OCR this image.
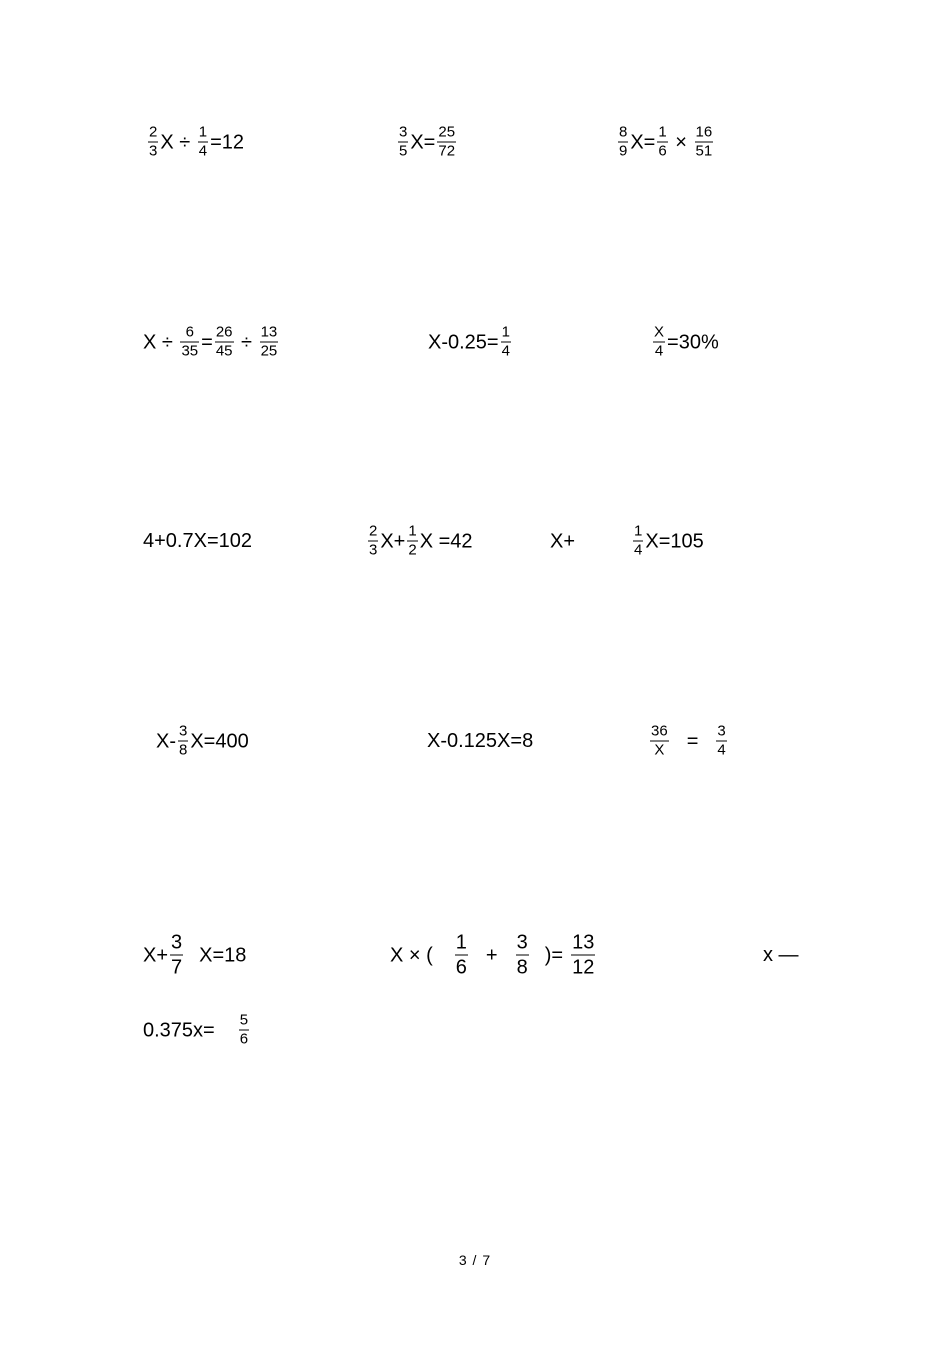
$\frac{2}{3}$ $X \div \frac{1}{4} =12$	$\frac{3}{5} X= \frac{25}{72}$	$\frac{8}{9} X= \frac{1}{6} \times \frac{16}{51}$
$X \div \frac{6}{35} = \frac{26}{45} \div \frac{13}{25}$	$X-0.25= \frac{1}{4}$	$\frac{X}{4} =30\%$
4+0.7X=102	$\frac{2}{3} X+ \frac{1}{2}$ X =42	X+	$\frac{1}{4} X=105$
$X- \frac{3}{8} X=400$	X-0.125X=8	$\frac{36}{X} = \frac{3}{4}$
$X+ \frac{3}{7} X=18$	X × ( $\frac{1}{6} + \frac{3}{8}$ )= $\frac{13}{12}$	x —
$0.375x= \frac{5}{6}$
3 / 7
